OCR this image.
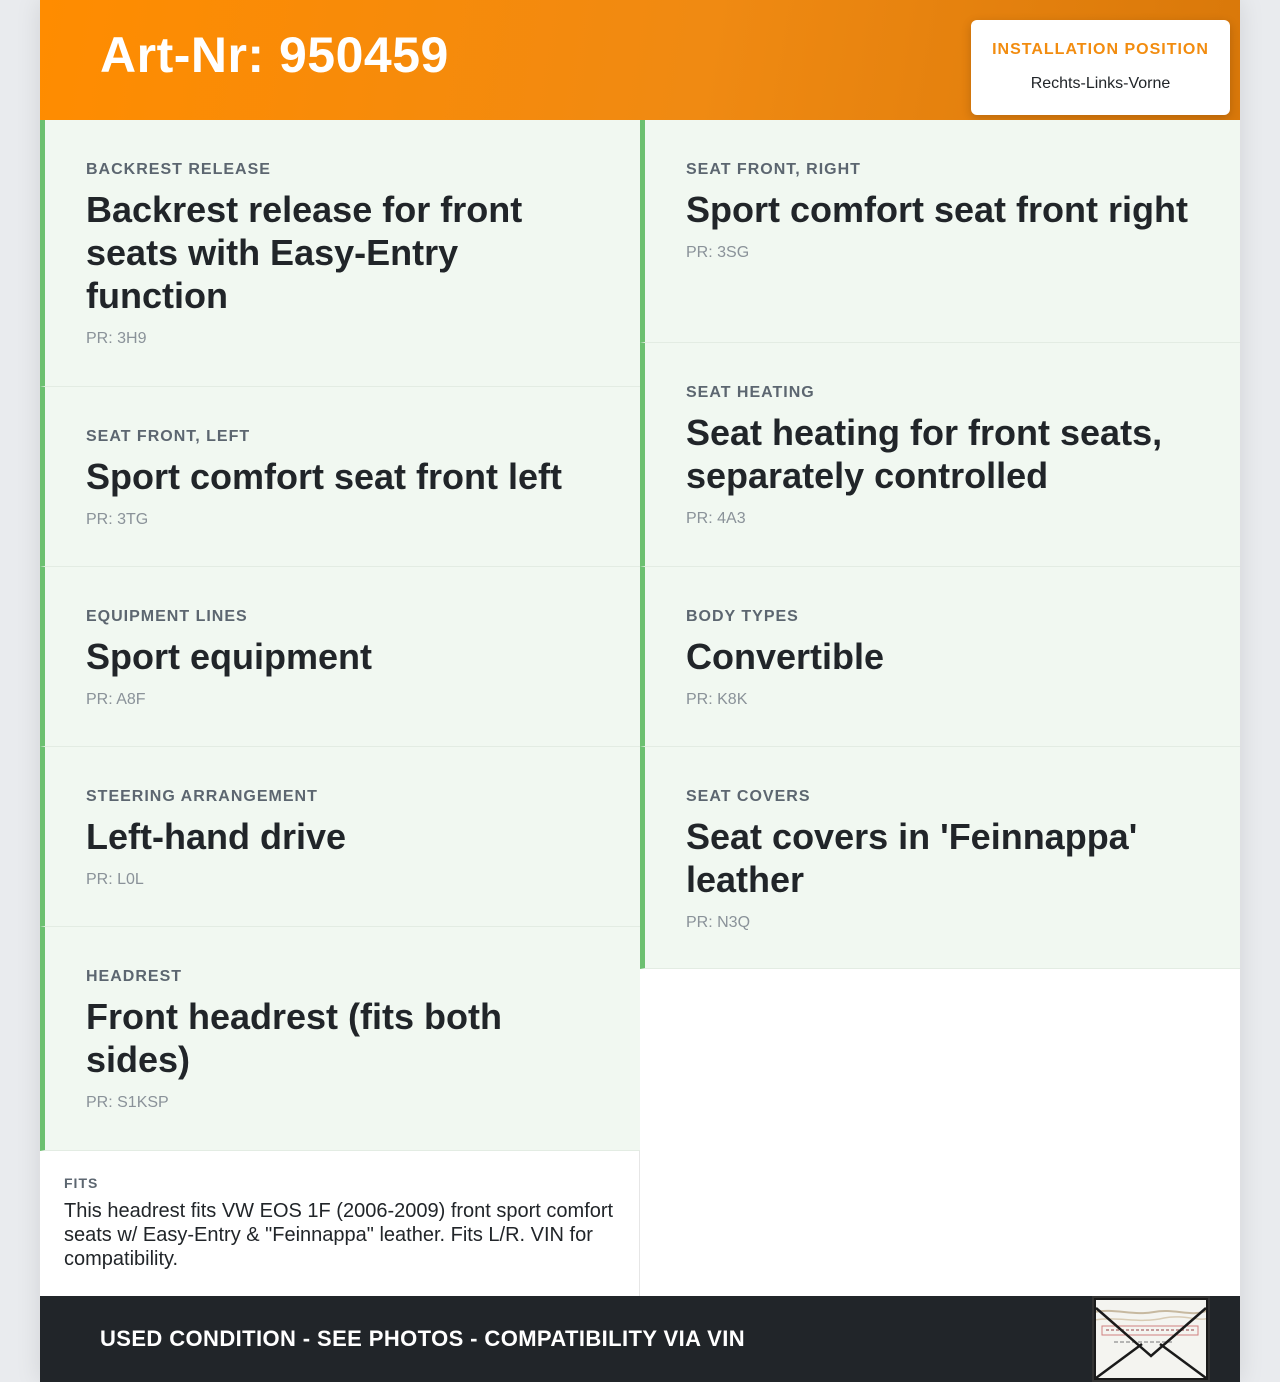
Art-Nr: 950459	INSTALLATION POSITION
Rechts-Links-Vorne
BACKREST RELEASE
Backrest release for front seats with Easy-Entry function
PR: 3H9
SEAT FRONT, LEFT
Sport comfort seat front left
PR: 3TG
EQUIPMENT LINES
Sport equipment
PR: A8F
STEERING ARRANGEMENT
Left-hand drive
PR: L0L
HEADREST
Front headrest (fits both sides)
PR: S1KSP
SEAT FRONT, RIGHT
Sport comfort seat front right
PR: 3SG
SEAT HEATING
Seat heating for front seats, separately controlled
PR: 4A3
BODY TYPES
Convertible
PR: K8K
SEAT COVERS
Seat covers in 'Feinnappa' leather
PR: N3Q
FITS
This headrest fits VW EOS 1F (2006-2009) front sport comfort seats w/ Easy-Entry & "Feinnappa" leather. Fits L/R. VIN for compatibility.
USED CONDITION - SEE PHOTOS - COMPATIBILITY VIA VIN
